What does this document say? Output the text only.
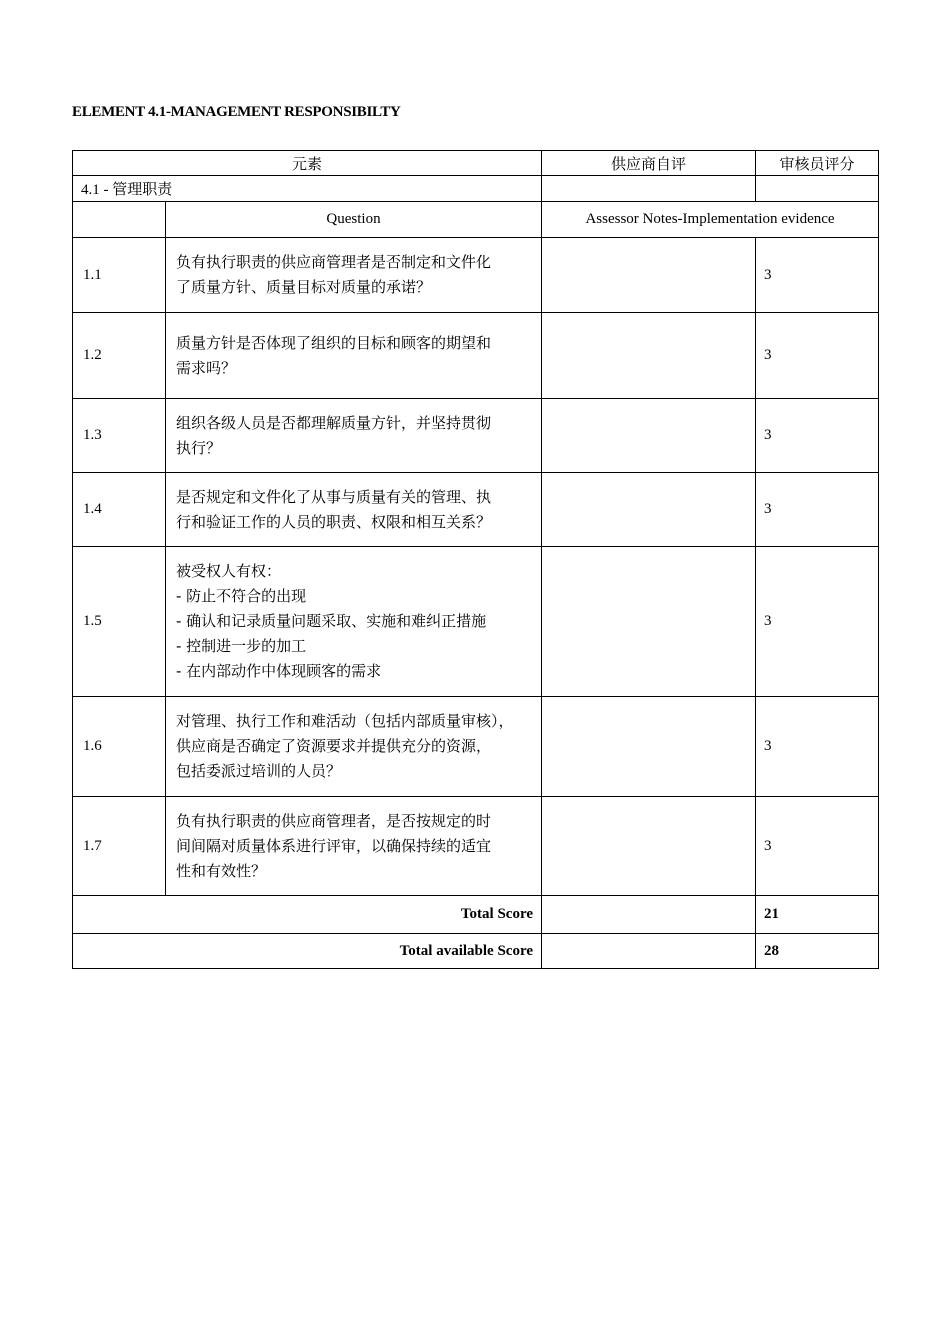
ELEMENT 4.1-MANAGEMENT RESPONSIBILTY
元素		供应商自评	审核员评分
4.1 - 管理职责			
	Question	Assessor Notes-Implementation evidence	
1.1	负有执行职责的供应商管理者是否制定和文件化
了质量方针、质量目标对质量的承诺？		3
1.2	质量方针是否体现了组织的目标和顾客的期望和
需求吗？		3
1.3	组织各级人员是否都理解质量方针，并坚持贯彻
执行？		3
1.4	是否规定和文件化了从事与质量有关的管理、执
行和验证工作的人员的职责、权限和相互关系？		3
1.5	被受权人有权：
- 防止不符合的出现
- 确认和记录质量问题采取、实施和难纠正措施
- 控制进一步的加工
- 在内部动作中体现顾客的需求		3
1.6	对管理、执行工作和难活动（包括内部质量审核），
供应商是否确定了资源要求并提供充分的资源，
包括委派过培训的人员？		3
1.7	负有执行职责的供应商管理者，是否按规定的时
间间隔对质量体系进行评审，以确保持续的适宜
性和有效性？		3
Total Score			21
Total available Score			28
